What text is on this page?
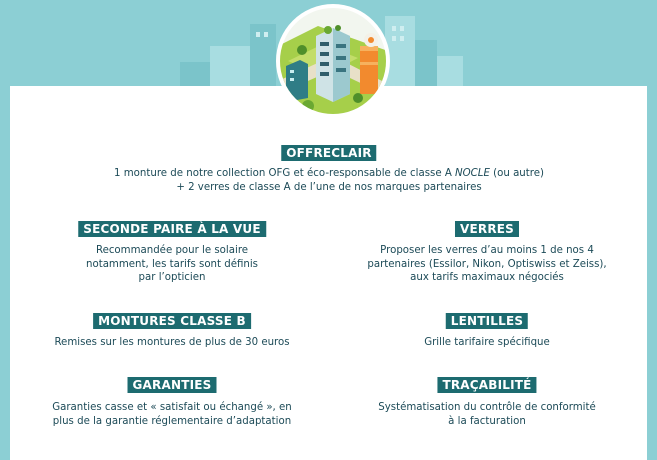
OFFRECLAIR
1 monture de notre collection OFG et éco-responsable de classe A NOCLE (ou autre)
+ 2 verres de classe A de l’une de nos marques partenaires
SECONDE PAIRE À LA VUE
Recommandée pour le solaire
notamment, les tarifs sont définis
par l’opticien
VERRES
Proposer les verres d’au moins 1 de nos 4
partenaires (Essilor, Nikon, Optiswiss et Zeiss),
aux tarifs maximaux négociés
MONTURES CLASSE B
Remises sur les montures de plus de 30 euros
LENTILLES
Grille tarifaire spécifique
GARANTIES
Garanties casse et « satisfait ou échangé », en
plus de la garantie réglementaire d’adaptation
TRAÇABILITÉ
Systématisation du contrôle de conformité
à la facturation
